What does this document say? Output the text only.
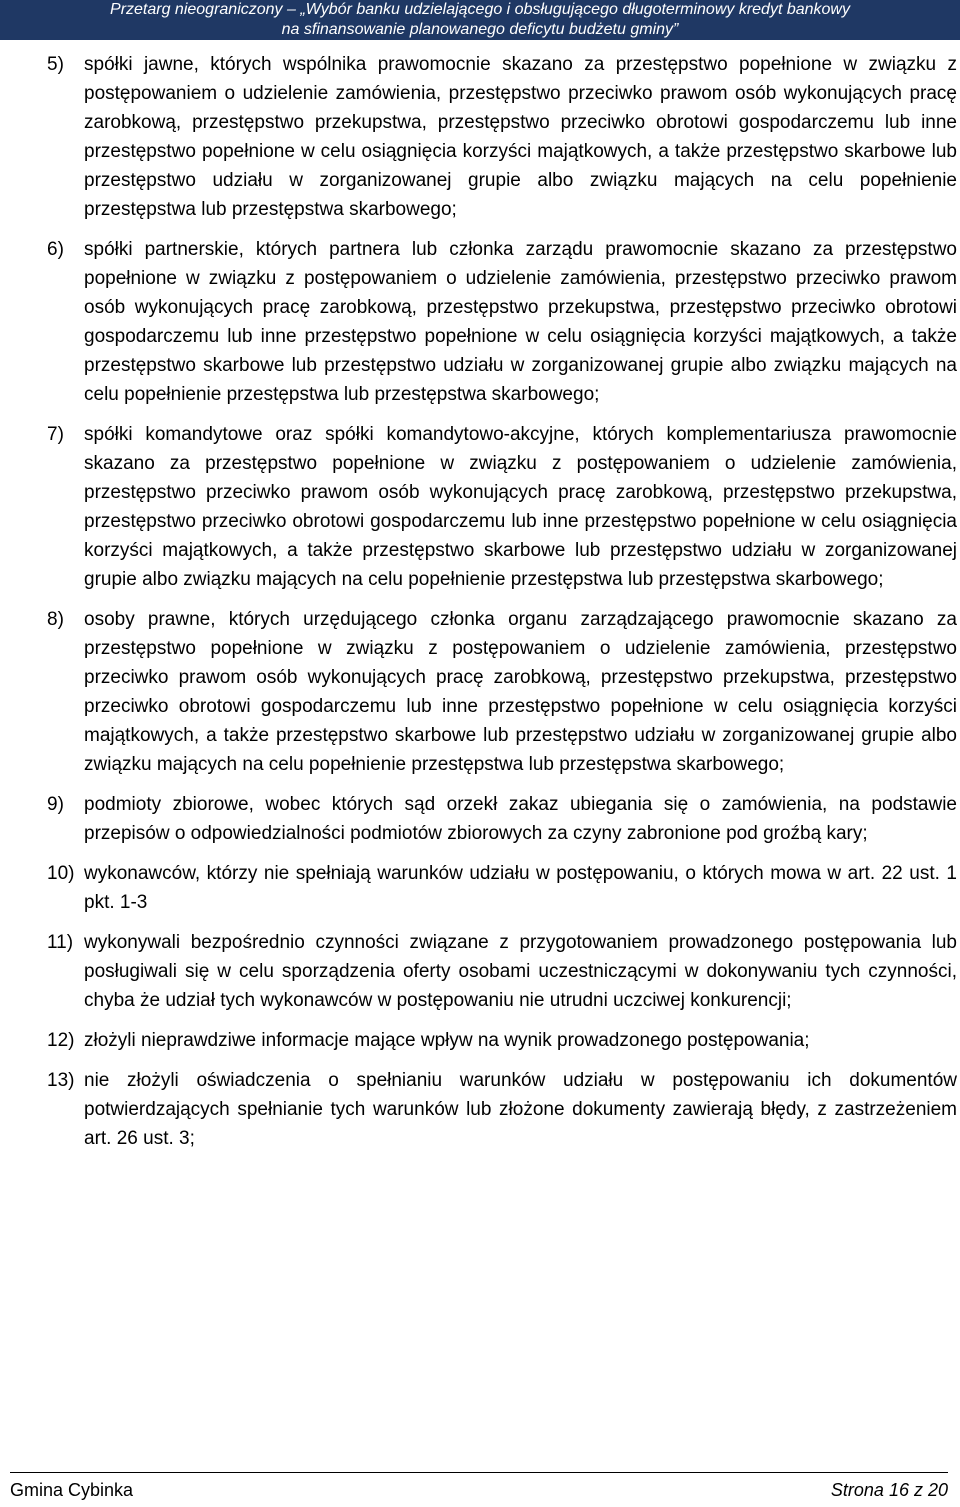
Przetarg nieograniczony – „Wybór banku udzielającego i obsługującego długoterminowy kredyt bankowy
na sfinansowanie planowanego deficytu budżetu gminy”
5) spółki jawne, których wspólnika prawomocnie skazano za przestępstwo popełnione w związku z postępowaniem o udzielenie zamówienia, przestępstwo przeciwko prawom osób wykonujących pracę zarobkową, przestępstwo przekupstwa, przestępstwo przeciwko obrotowi gospodarczemu lub inne przestępstwo popełnione w celu osiągnięcia korzyści majątkowych, a także przestępstwo skarbowe lub przestępstwo udziału w zorganizowanej grupie albo związku mających na celu popełnienie przestępstwa lub przestępstwa skarbowego;
6) spółki partnerskie, których partnera lub członka zarządu prawomocnie skazano za przestępstwo popełnione w związku z postępowaniem o udzielenie zamówienia, przestępstwo przeciwko prawom osób wykonujących pracę zarobkową, przestępstwo przekupstwa, przestępstwo przeciwko obrotowi gospodarczemu lub inne przestępstwo popełnione w celu osiągnięcia korzyści majątkowych, a także przestępstwo skarbowe lub przestępstwo udziału w zorganizowanej grupie albo związku mających na celu popełnienie przestępstwa lub przestępstwa skarbowego;
7) spółki komandytowe oraz spółki komandytowo-akcyjne, których komplementariusza prawomocnie skazano za przestępstwo popełnione w związku z postępowaniem o udzielenie zamówienia, przestępstwo przeciwko prawom osób wykonujących pracę zarobkową, przestępstwo przekupstwa, przestępstwo przeciwko obrotowi gospodarczemu lub inne przestępstwo popełnione w celu osiągnięcia korzyści majątkowych, a także przestępstwo skarbowe lub przestępstwo udziału w zorganizowanej grupie albo związku mających na celu popełnienie przestępstwa lub przestępstwa skarbowego;
8) osoby prawne, których urzędującego członka organu zarządzającego prawomocnie skazano za przestępstwo popełnione w związku z postępowaniem o udzielenie zamówienia, przestępstwo przeciwko prawom osób wykonujących pracę zarobkową, przestępstwo przekupstwa, przestępstwo przeciwko obrotowi gospodarczemu lub inne przestępstwo popełnione w celu osiągnięcia korzyści majątkowych, a także przestępstwo skarbowe lub przestępstwo udziału w zorganizowanej grupie albo związku mających na celu popełnienie przestępstwa lub przestępstwa skarbowego;
9) podmioty zbiorowe, wobec których sąd orzekł zakaz ubiegania się o zamówienia, na podstawie przepisów o odpowiedzialności podmiotów zbiorowych za czyny zabronione pod groźbą kary;
10) wykonawców, którzy nie spełniają warunków udziału w postępowaniu, o których mowa w art. 22 ust. 1 pkt. 1-3
11) wykonywali bezpośrednio czynności związane z przygotowaniem prowadzonego postępowania lub posługiwali się w celu sporządzenia oferty osobami uczestniczącymi w dokonywaniu tych czynności, chyba że udział tych wykonawców w postępowaniu nie utrudni uczciwej konkurencji;
12) złożyli nieprawdziwe informacje mające wpływ na wynik prowadzonego postępowania;
13) nie złożyli oświadczenia o spełnianiu warunków udziału w postępowaniu ich dokumentów potwierdzających spełnianie tych warunków lub złożone dokumenty zawierają błędy, z zastrzeżeniem art. 26 ust. 3;
Gmina Cybinka	Strona 16 z 20
